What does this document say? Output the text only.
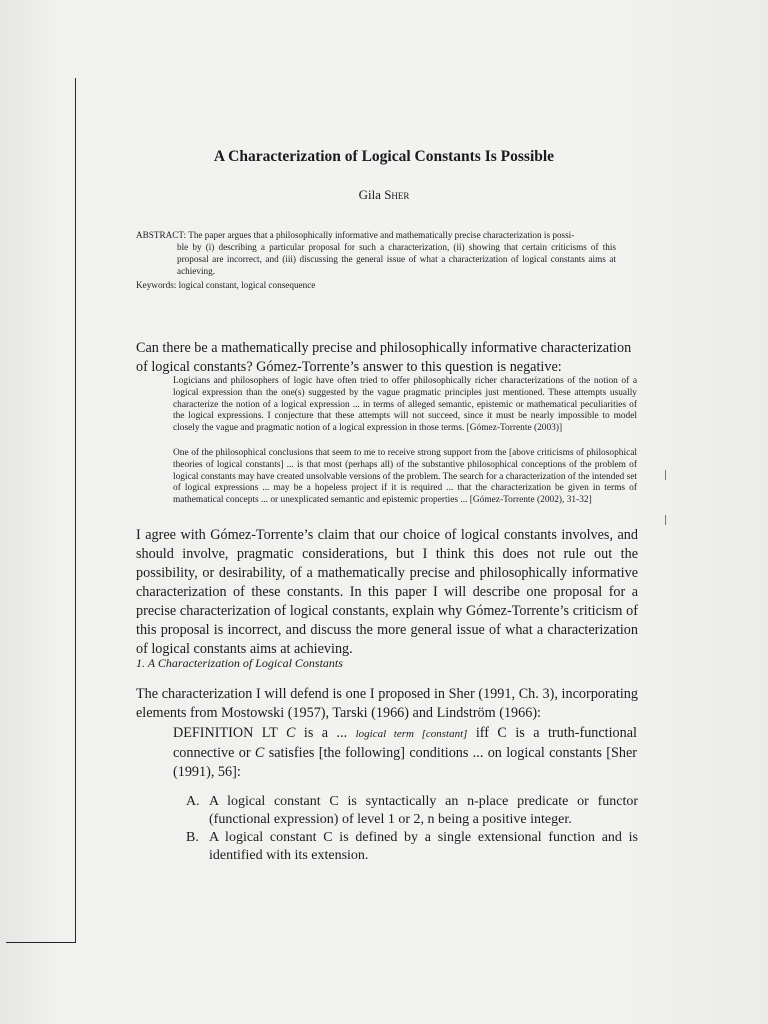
A Characterization of Logical Constants Is Possible
Gila Sher
ABSTRACT: The paper argues that a philosophically informative and mathematically precise characterization is possi-
ble by (i) describing a particular proposal for such a characterization, (ii) showing that certain criticisms of this proposal are incorrect, and (iii) discussing the general issue of what a characterization of logical constants aims at achieving.
Keywords: logical constant, logical consequence
Can there be a mathematically precise and philosophically informative characterization of logical constants? Gómez-Torrente’s answer to this question is negative:
Logicians and philosophers of logic have often tried to offer philosophically richer characterizations of the notion of a logical expression than the one(s) suggested by the vague pragmatic principles just mentioned. These attempts usually characterize the notion of a logical expression ... in terms of alleged semantic, epistemic or mathematical peculiarities of the logical expressions. I conjecture that these attempts will not succeed, since it must be nearly impossible to model closely the vague and pragmatic notion of a logical expression in those terms. [Gómez-Torrente (2003)]
One of the philosophical conclusions that seem to me to receive strong support from the [above criticisms of philosophical theories of logical constants] ... is that most (perhaps all) of the substantive philosophical conceptions of the problem of logical constants may have created unsolvable versions of the problem. The search for a characterization of the intended set of logical expressions ... may be a hopeless project if it is required ... that the characterization be given in terms of mathematical concepts ... or unexplicated semantic and epistemic properties ... [Gómez-Torrente (2002), 31-32]
I agree with Gómez-Torrente’s claim that our choice of logical constants involves, and should involve, pragmatic considerations, but I think this does not rule out the possibility, or desirability, of a mathematically precise and philosophically informative characterization of these constants. In this paper I will describe one proposal for a precise characterization of logical constants, explain why Gómez-Torrente’s criticism of this proposal is incorrect, and discuss the more general issue of what a characterization of logical constants aims at achieving.
1. A Characterization of Logical Constants
The characterization I will defend is one I proposed in Sher (1991, Ch. 3), incorporating elements from Mostowski (1957), Tarski (1966) and Lindström (1966):
DEFINITION LT C is a ... logical term [constant] iff C is a truth-functional connective or C satisfies [the following] conditions ... on logical constants [Sher (1991), 56]:
A. A logical constant C is syntactically an n-place predicate or functor (functional expression) of level 1 or 2, n being a positive integer.
B. A logical constant C is defined by a single extensional function and is identified with its extension.
